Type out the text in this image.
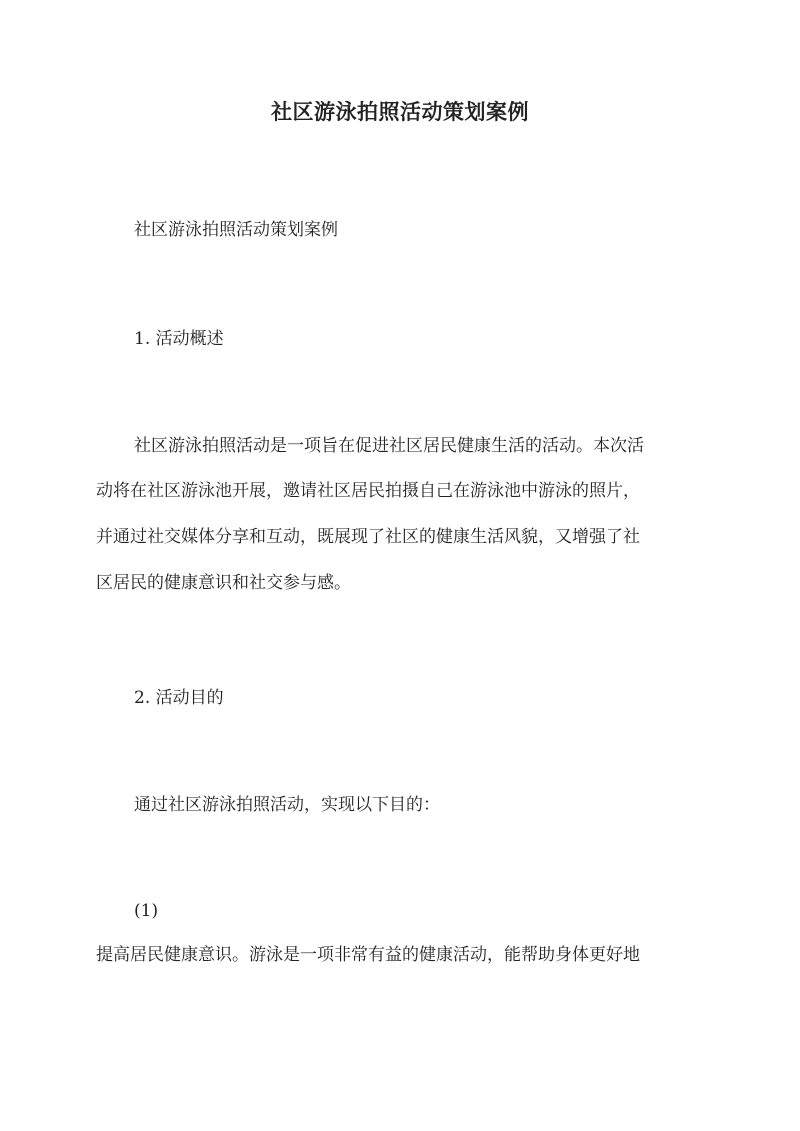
社区游泳拍照活动策划案例
社区游泳拍照活动策划案例
1. 活动概述
社区游泳拍照活动是一项旨在促进社区居民健康生活的活动。本次活
动将在社区游泳池开展，邀请社区居民拍摄自己在游泳池中游泳的照片，
并通过社交媒体分享和互动，既展现了社区的健康生活风貌，又增强了社
区居民的健康意识和社交参与感。
2. 活动目的
通过社区游泳拍照活动，实现以下目的：
(1)
提高居民健康意识。游泳是一项非常有益的健康活动，能帮助身体更好地
